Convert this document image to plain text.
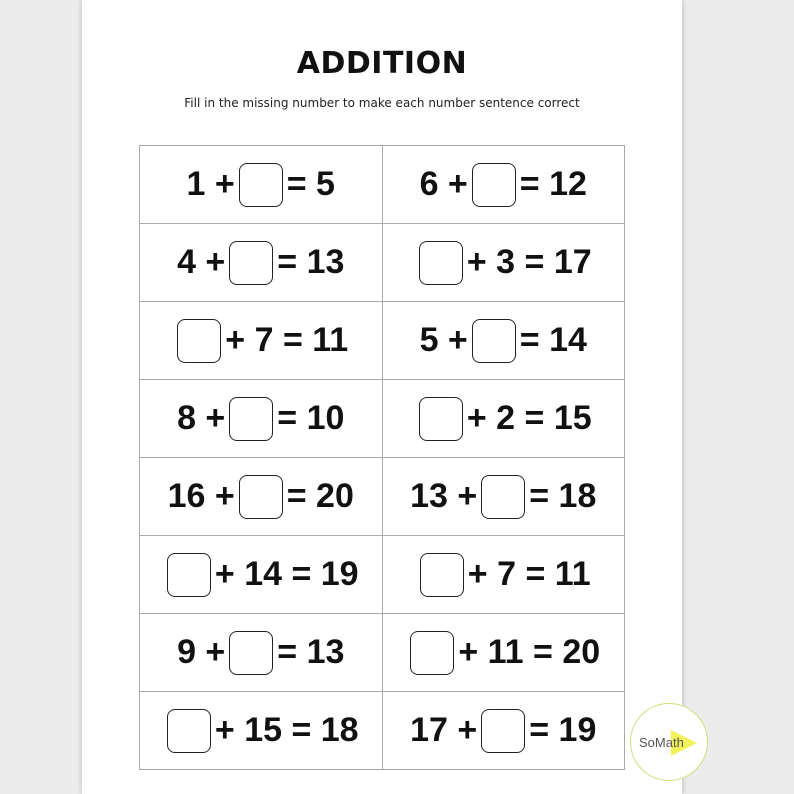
ADDITION
Fill in the missing number to make each number sentence correct
1 + = 5	6 + = 12

4 + = 13	+ 3 = 17

+ 7 = 11	5 + = 14

8 + = 10	+ 2 = 15

16 + = 20	13 + = 18

+ 14 = 19	+ 7 = 11

9 + = 13	+ 11 = 20

+ 15 = 18	17 + = 19	SoMath
